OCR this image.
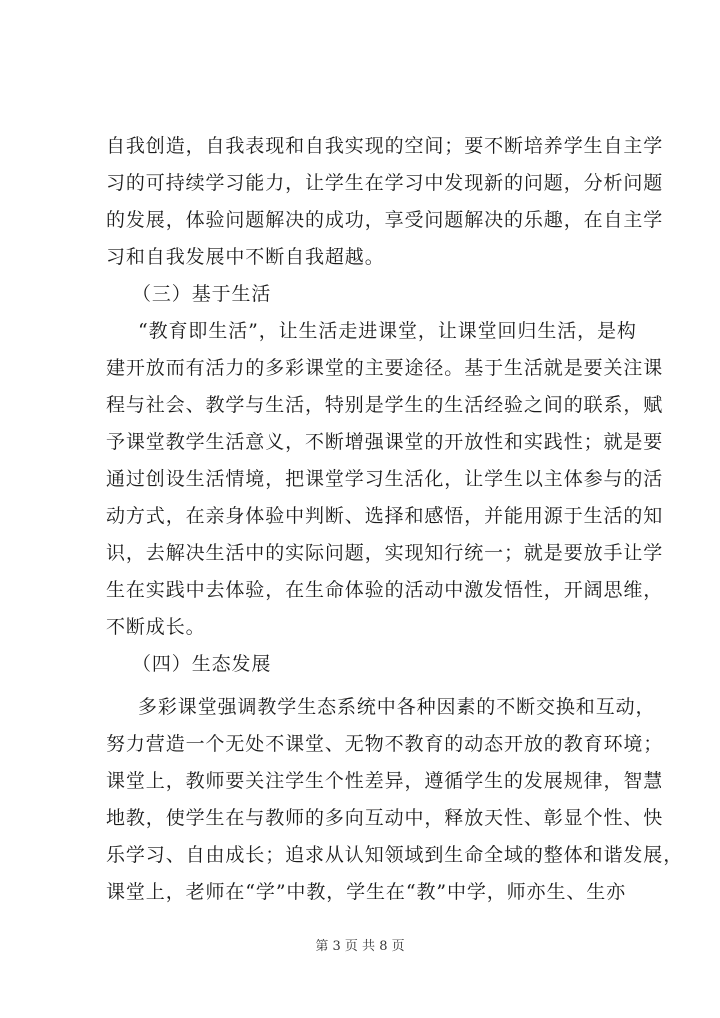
自我创造，自我表现和自我实现的空间；要不断培养学生自主学
习的可持续学习能力，让学生在学习中发现新的问题，分析问题
的发展，体验问题解决的成功，享受问题解决的乐趣，在自主学
习和自我发展中不断自我超越。
（三）基于生活
“教育即生活”，让生活走进课堂，让课堂回归生活，是构
建开放而有活力的多彩课堂的主要途径。基于生活就是要关注课
程与社会、教学与生活，特别是学生的生活经验之间的联系，赋
予课堂教学生活意义，不断增强课堂的开放性和实践性；就是要
通过创设生活情境，把课堂学习生活化，让学生以主体参与的活
动方式，在亲身体验中判断、选择和感悟，并能用源于生活的知
识，去解决生活中的实际问题，实现知行统一；就是要放手让学
生在实践中去体验，在生命体验的活动中激发悟性，开阔思维，
不断成长。
（四）生态发展
多彩课堂强调教学生态系统中各种因素的不断交换和互动，
努力营造一个无处不课堂、无物不教育的动态开放的教育环境；
课堂上，教师要关注学生个性差异，遵循学生的发展规律，智慧
地教，使学生在与教师的多向互动中，释放天性、彰显个性、快
乐学习、自由成长；追求从认知领域到生命全域的整体和谐发展，
课堂上，老师在“学”中教，学生在“教”中学，师亦生、生亦
第 3 页 共 8 页
